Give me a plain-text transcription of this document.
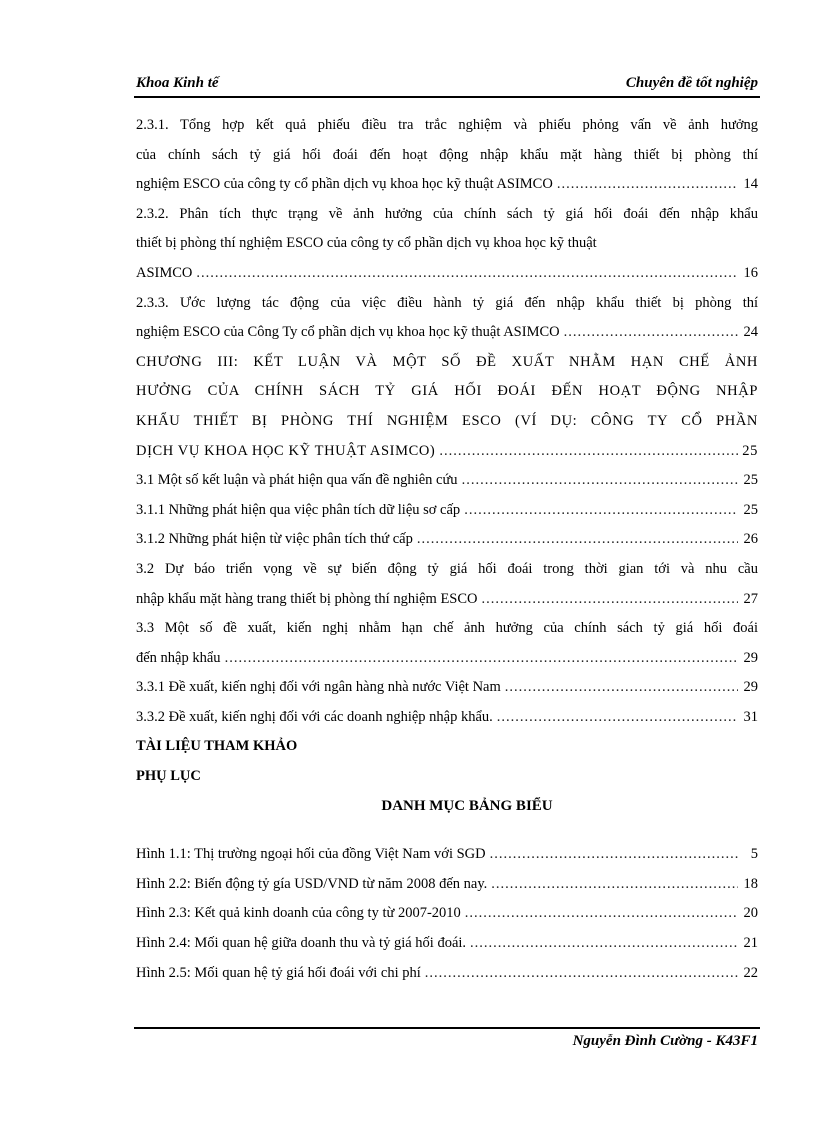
Khoa Kinh tế	Chuyên đề tốt nghiệp
2.3.1. Tổng hợp kết quả phiếu điều tra trắc nghiệm và phiếu phỏng vấn về ảnh hưởng
của chính sách tỷ giá hối đoái đến hoạt động nhập khẩu mặt hàng thiết bị phòng thí
nghiệm ESCO của công ty cổ phần dịch vụ khoa học kỹ thuật ASIMCO .....	14
2.3.2. Phân tích thực trạng về ảnh hưởng của chính sách tỷ giá hối đoái đến nhập khẩu
thiết bị phòng thí nghiệm ESCO của công ty cổ phần dịch vụ khoa học kỹ thuật
ASIMCO .....	16
2.3.3. Ước lượng tác động của việc điều hành tỷ giá đến nhập khẩu thiết bị phòng thí
nghiệm ESCO của Công Ty cổ phần dịch vụ khoa học kỹ thuật ASIMCO .....	24
CHƯƠNG III: KẾT LUẬN VÀ MỘT SỐ ĐỀ XUẤT NHẰM HẠN CHẾ ẢNH
HƯỞNG CỦA CHÍNH SÁCH TỶ GIÁ HỐI ĐOÁI ĐẾN HOẠT ĐỘNG NHẬP
KHẨU THIẾT BỊ PHÒNG THÍ NGHIỆM ESCO (VÍ DỤ: CÔNG TY CỔ PHẦN
DỊCH VỤ KHOA HỌC KỸ THUẬT ASIMCO) .....	25
3.1 Một số kết luận và phát hiện qua vấn đề nghiên cứu .....	25
3.1.1 Những phát hiện qua việc phân tích dữ liệu sơ cấp .....	25
3.1.2 Những phát hiện từ việc phân tích thứ cấp .....	26
3.2 Dự báo triển vọng về sự biến động tỷ giá hối đoái trong thời gian tới và nhu cầu
nhập khẩu mặt hàng trang thiết bị phòng thí nghiệm ESCO .....	27
3.3 Một số đề xuất, kiến nghị nhằm hạn chế ảnh hưởng của chính sách tỷ giá hối đoái
đến nhập khẩu .....	29
3.3.1 Đề xuất, kiến nghị đối với ngân hàng nhà nước Việt Nam .....	29
3.3.2 Đề xuất, kiến nghị đối với các doanh nghiệp nhập khẩu. .....	31
TÀI LIỆU THAM KHẢO
PHỤ LỤC
DANH MỤC BẢNG BIỂU
Hình 1.1: Thị trường ngoại hối của đồng Việt Nam với SGD .....	5
Hình 2.2: Biến động tỷ gía USD/VND từ năm 2008 đến nay. .....	18
Hình 2.3: Kết quả kinh doanh của công ty từ 2007-2010 .....	20
Hình 2.4: Mối quan hệ giữa doanh thu và tỷ giá hối đoái. .....	21
Hình 2.5: Mối quan hệ tỷ giá hối đoái với chi phí .....	22
Nguyễn Đình Cường - K43F1
